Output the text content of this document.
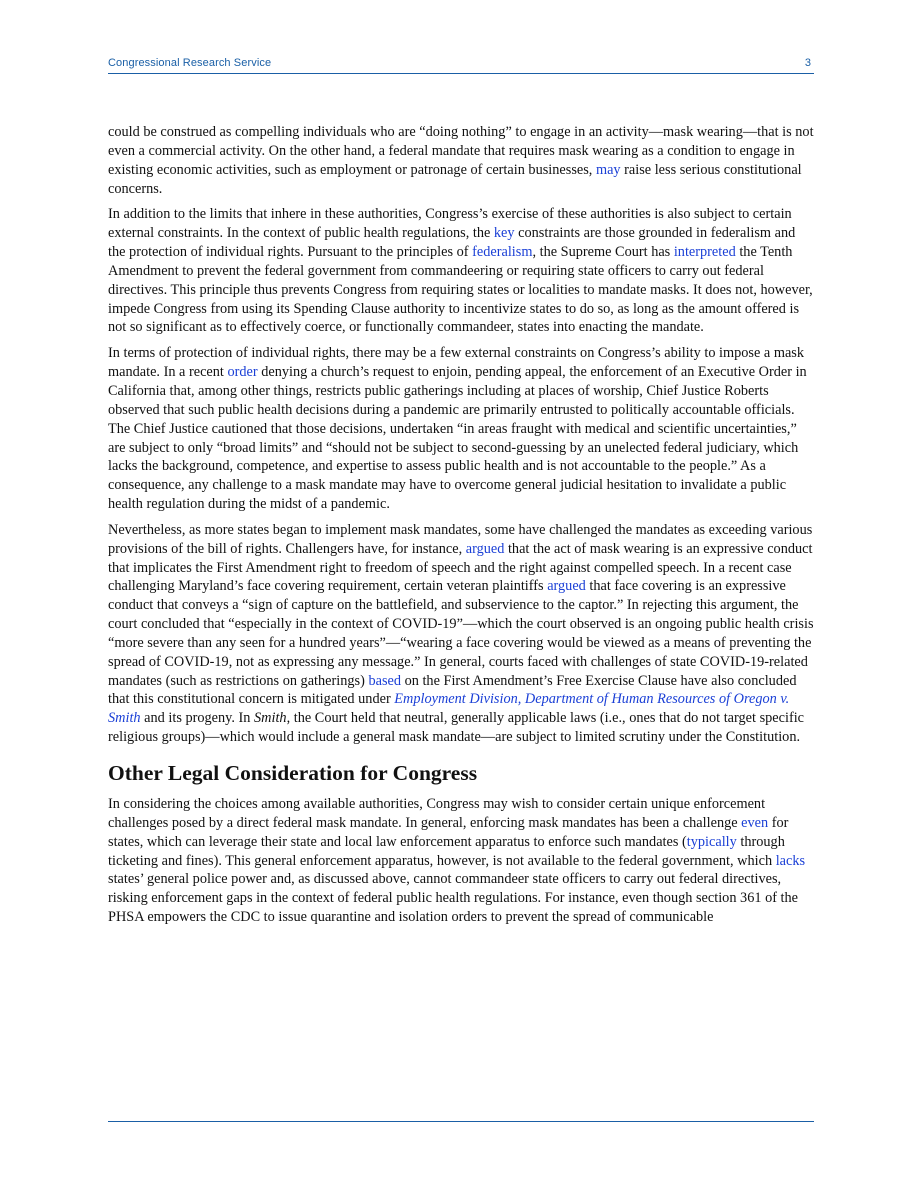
Congressional Research Service	3

could be construed as compelling individuals who are “doing nothing” to engage in an activity—mask wearing—that is not even a commercial activity. On the other hand, a federal mandate that requires mask wearing as a condition to engage in existing economic activities, such as employment or patronage of certain businesses, may raise less serious constitutional concerns.

In addition to the limits that inhere in these authorities, Congress’s exercise of these authorities is also subject to certain external constraints. In the context of public health regulations, the key constraints are those grounded in federalism and the protection of individual rights. Pursuant to the principles of federalism, the Supreme Court has interpreted the Tenth Amendment to prevent the federal government from commandeering or requiring state officers to carry out federal directives. This principle thus prevents Congress from requiring states or localities to mandate masks. It does not, however, impede Congress from using its Spending Clause authority to incentivize states to do so, as long as the amount offered is not so significant as to effectively coerce, or functionally commandeer, states into enacting the mandate.

In terms of protection of individual rights, there may be a few external constraints on Congress’s ability to impose a mask mandate. In a recent order denying a church’s request to enjoin, pending appeal, the enforcement of an Executive Order in California that, among other things, restricts public gatherings including at places of worship, Chief Justice Roberts observed that such public health decisions during a pandemic are primarily entrusted to politically accountable officials. The Chief Justice cautioned that those decisions, undertaken “in areas fraught with medical and scientific uncertainties,” are subject to only “broad limits” and “should not be subject to second-guessing by an unelected federal judiciary, which lacks the background, competence, and expertise to assess public health and is not accountable to the people.” As a consequence, any challenge to a mask mandate may have to overcome general judicial hesitation to invalidate a public health regulation during the midst of a pandemic.

Nevertheless, as more states began to implement mask mandates, some have challenged the mandates as exceeding various provisions of the bill of rights. Challengers have, for instance, argued that the act of mask wearing is an expressive conduct that implicates the First Amendment right to freedom of speech and the right against compelled speech. In a recent case challenging Maryland’s face covering requirement, certain veteran plaintiffs argued that face covering is an expressive conduct that conveys a “sign of capture on the battlefield, and subservience to the captor.” In rejecting this argument, the court concluded that “especially in the context of COVID-19”—which the court observed is an ongoing public health crisis “more severe than any seen for a hundred years”—“wearing a face covering would be viewed as a means of preventing the spread of COVID-19, not as expressing any message.” In general, courts faced with challenges of state COVID-19-related mandates (such as restrictions on gatherings) based on the First Amendment’s Free Exercise Clause have also concluded that this constitutional concern is mitigated under Employment Division, Department of Human Resources of Oregon v. Smith and its progeny. In Smith, the Court held that neutral, generally applicable laws (i.e., ones that do not target specific religious groups)—which would include a general mask mandate—are subject to limited scrutiny under the Constitution.

Other Legal Consideration for Congress

In considering the choices among available authorities, Congress may wish to consider certain unique enforcement challenges posed by a direct federal mask mandate. In general, enforcing mask mandates has been a challenge even for states, which can leverage their state and local law enforcement apparatus to enforce such mandates (typically through ticketing and fines). This general enforcement apparatus, however, is not available to the federal government, which lacks states’ general police power and, as discussed above, cannot commandeer state officers to carry out federal directives, risking enforcement gaps in the context of federal public health regulations. For instance, even though section 361 of the PHSA empowers the CDC to issue quarantine and isolation orders to prevent the spread of communicable
